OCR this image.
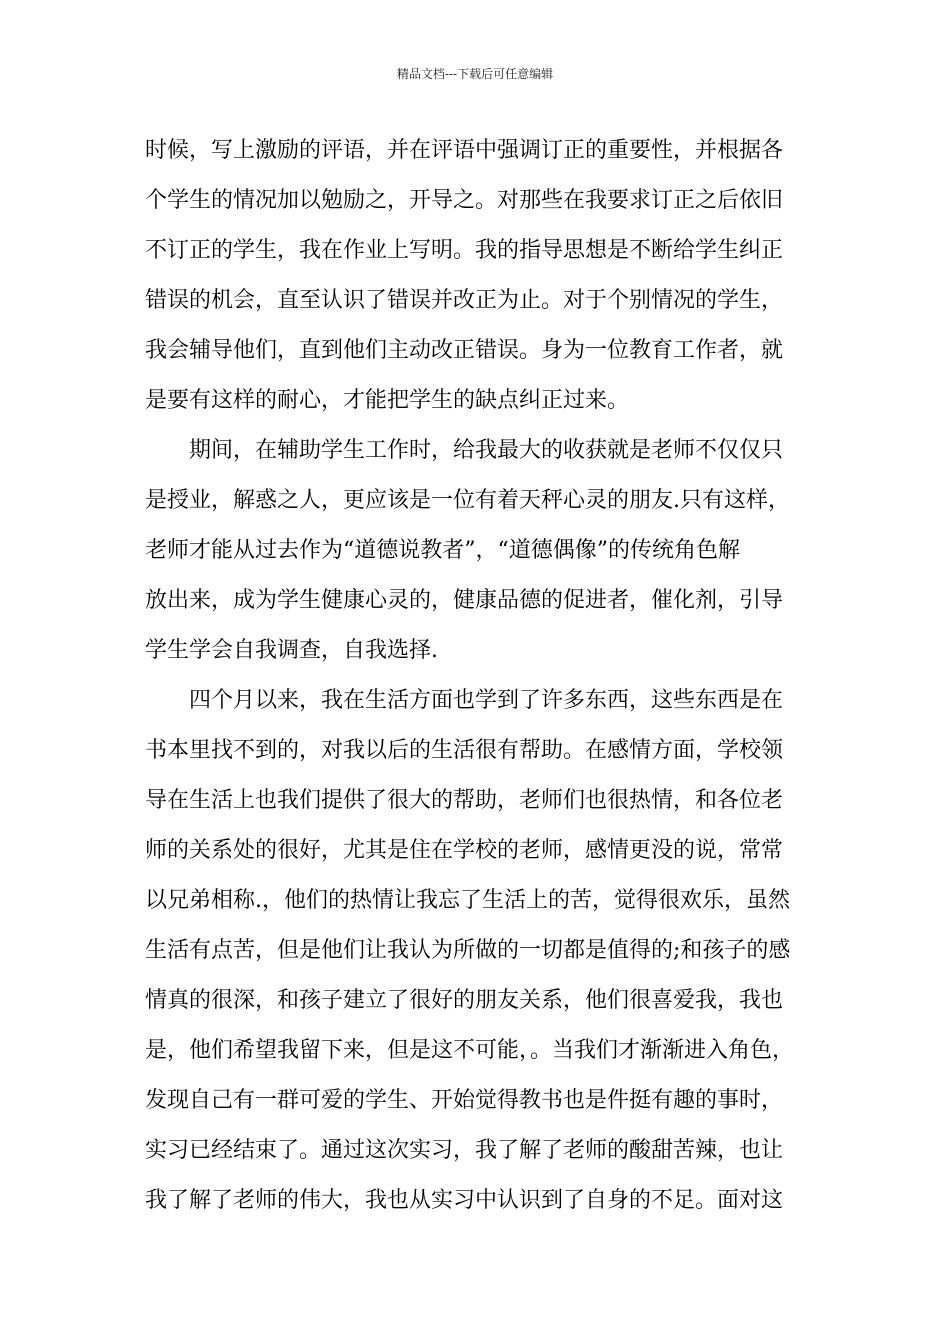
精品文档---下载后可任意编辑
时候，写上激励的评语，并在评语中强调订正的重要性，并根据各
个学生的情况加以勉励之，开导之。对那些在我要求订正之后依旧
不订正的学生，我在作业上写明。我的指导思想是不断给学生纠正
错误的机会，直至认识了错误并改正为止。对于个别情况的学生，
我会辅导他们，直到他们主动改正错误。身为一位教育工作者，就
是要有这样的耐心，才能把学生的缺点纠正过来。
期间，在辅助学生工作时，给我最大的收获就是老师不仅仅只
是授业，解惑之人，更应该是一位有着天秤心灵的朋友.只有这样，
老师才能从过去作为“道德说教者”，“道德偶像”的传统角色解
放出来，成为学生健康心灵的，健康品德的促进者，催化剂，引导
学生学会自我调查，自我选择.
四个月以来，我在生活方面也学到了许多东西，这些东西是在
书本里找不到的，对我以后的生活很有帮助。在感情方面，学校领
导在生活上也我们提供了很大的帮助，老师们也很热情，和各位老
师的关系处的很好，尤其是住在学校的老师，感情更没的说，常常
以兄弟相称.，他们的热情让我忘了生活上的苦，觉得很欢乐，虽然
生活有点苦，但是他们让我认为所做的一切都是值得的;和孩子的感
情真的很深，和孩子建立了很好的朋友关系，他们很喜爱我，我也
是，他们希望我留下来，但是这不可能，。当我们才渐渐进入角色，
发现自己有一群可爱的学生、开始觉得教书也是件挺有趣的事时，
实习已经结束了。通过这次实习，我了解了老师的酸甜苦辣，也让
我了解了老师的伟大，我也从实习中认识到了自身的不足。面对这
